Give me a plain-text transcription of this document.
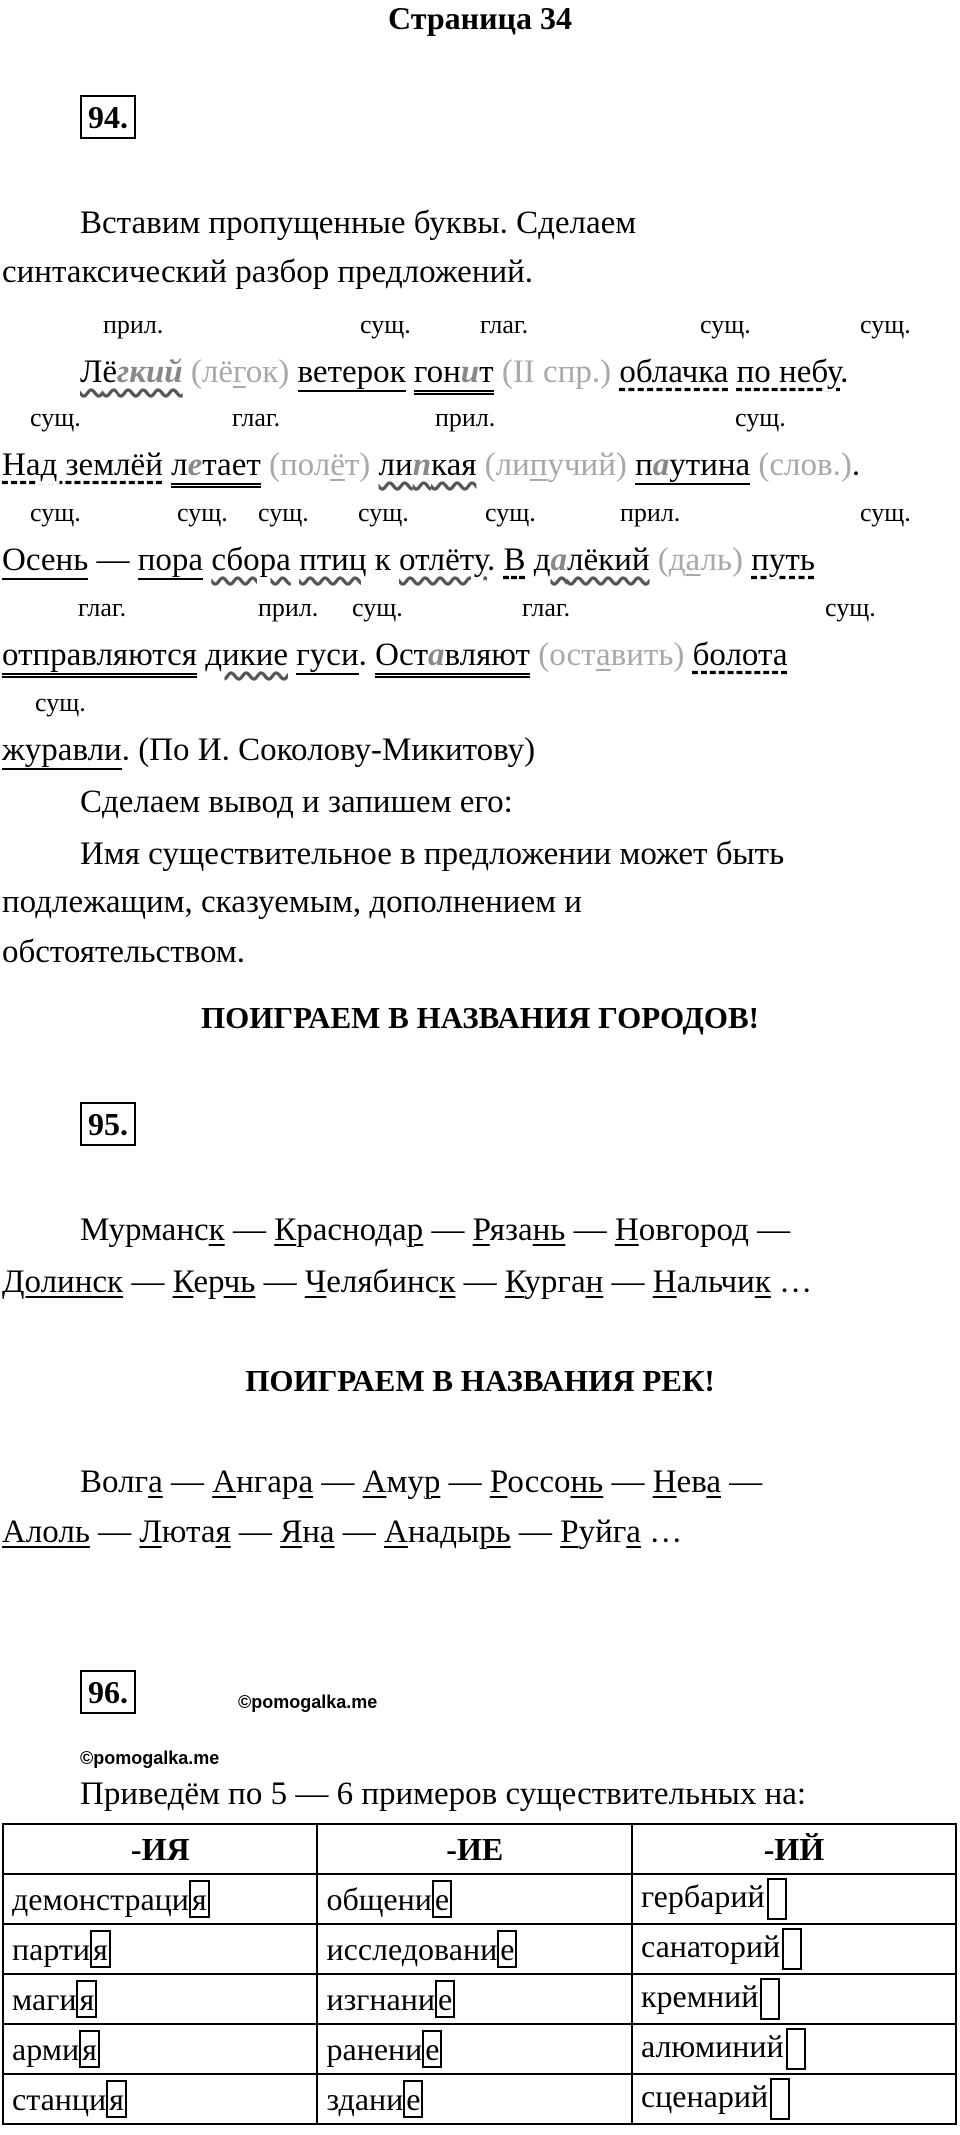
Страница 34
94.
Вставим пропущенные буквы. Сделаем
синтаксический разбор предложений.
прил.	сущ.	глаг.	сущ.	сущ.
Лёгкий (лёгок) ветерок гонит (II спр.) облачка по небу.
сущ.	глаг.	прил.	сущ.
Над землёй летает (полёт) липкая (липучий) паутина (слов.).
сущ.	сущ. сущ. сущ.	сущ.	прил.	сущ.
Осень — пора сбора птиц к отлёту. В далёкий (даль) путь
глаг.	прил. сущ.	глаг.	сущ.
отправляются дикие гуси. Оставляют (оставить) болота
сущ.
журавли. (По И. Соколову-Микитову)
Сделаем вывод и запишем его:
Имя существительное в предложении может быть
подлежащим, сказуемым, дополнением и
обстоятельством.
ПОИГРАЕМ В НАЗВАНИЯ ГОРОДОВ!
95.
Мурманск — Краснодар — Рязань — Новгород —
Долинск — Керчь — Челябинск — Курган — Нальчик …
ПОИГРАЕМ В НАЗВАНИЯ РЕК!
Волга — Ангара — Амур — Россонь — Нева —
Алоль — Лютая — Яна — Анадырь — Руйга …
96.	©pomogalka.me
©pomogalka.me
Приведём по 5 — 6 примеров существительных на:
-ИЯ	-ИЕ	-ИЙ
демонстрация	общение	гербарий
партия	исследование	санаторий
магия	изгнание	кремний
армия	ранение	алюминий
станция	здание	сценарий
